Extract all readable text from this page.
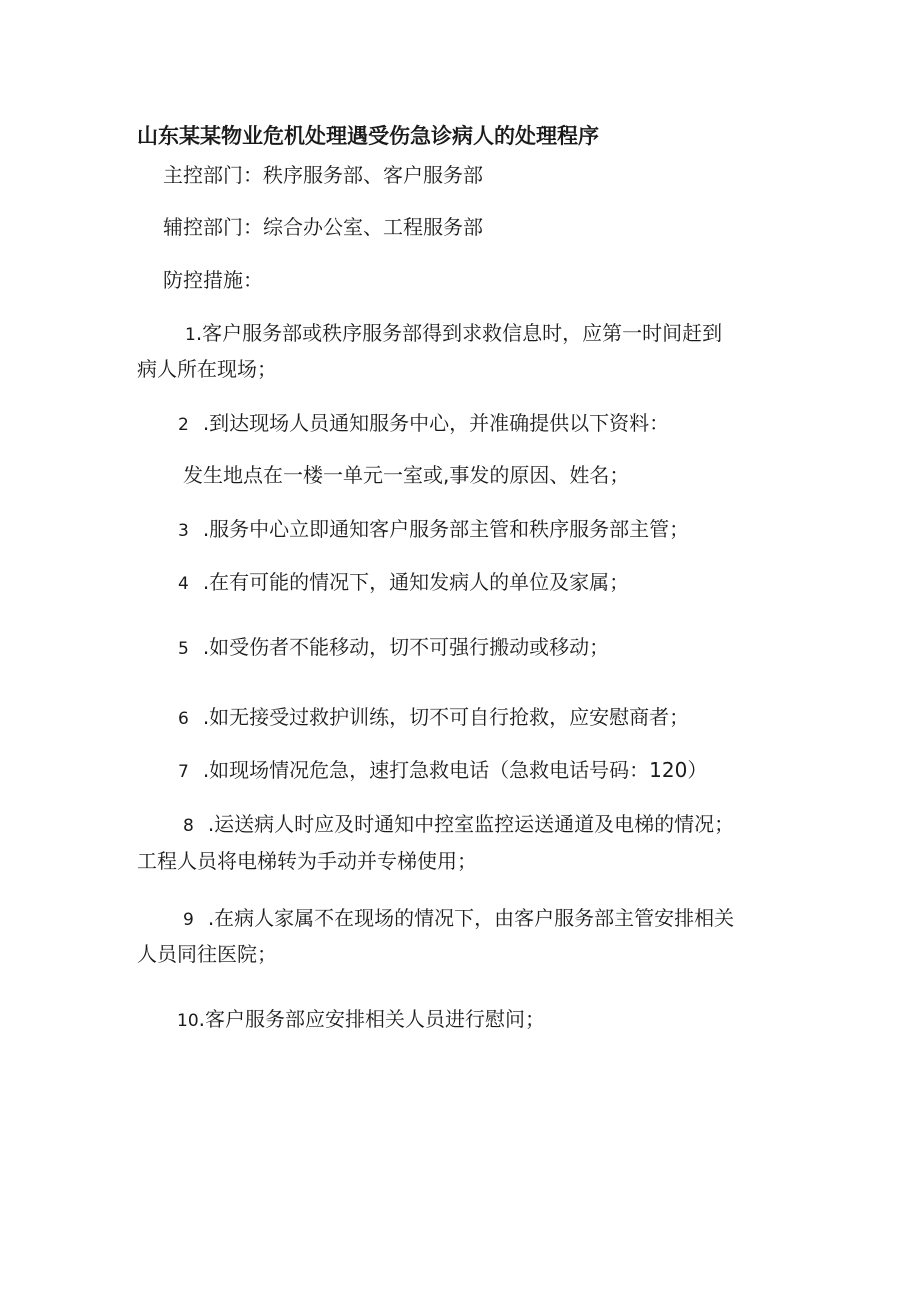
山东某某物业危机处理遇受伤急诊病人的处理程序
主控部门：秩序服务部、客户服务部
辅控部门：综合办公室、工程服务部
防控措施：
1.客户服务部或秩序服务部得到求救信息时，应第一时间赶到
病人所在现场；
2 .到达现场人员通知服务中心，并准确提供以下资料：
发生地点在一楼一单元一室或,事发的原因、姓名；
3 .服务中心立即通知客户服务部主管和秩序服务部主管；
4 .在有可能的情况下，通知发病人的单位及家属；
5 .如受伤者不能移动，切不可强行搬动或移动；
6 .如无接受过救护训练，切不可自行抢救，应安慰商者；
7 .如现场情况危急，速打急救电话（急救电话号码：120）
8 .运送病人时应及时通知中控室监控运送通道及电梯的情况；
工程人员将电梯转为手动并专梯使用；
9 .在病人家属不在现场的情况下，由客户服务部主管安排相关
人员同往医院；
10.客户服务部应安排相关人员进行慰问；
